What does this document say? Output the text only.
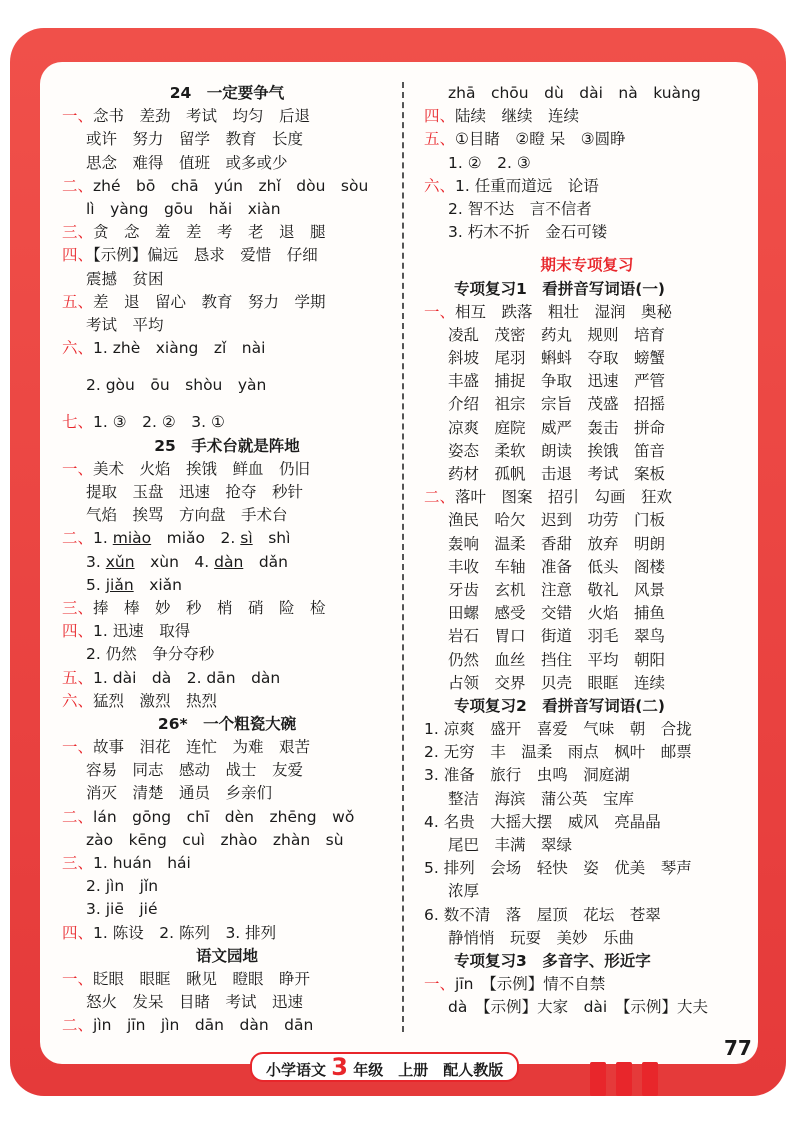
24　一定要争气
一、念书　差劲　考试　均匀　后退
或许　努力　留学　教育　长度
思念　难得　值班　或多或少
二、zhé　bō　chā　yún　zhǐ　dòu　sòu
lì　yàng　gōu　hǎi　xiàn
三、贪　念　羞　差　考　老　退　腿
四、【示例】偏远　恳求　爱惜　仔细
震撼　贫困
五、差　退　留心　教育　努力　学期
考试　平均
六、1. zhè　xiàng　zǐ　nài
2. gòu　ōu　shòu　yàn
七、1. ③　2. ②　3. ①
25　手术台就是阵地
一、美术　火焰　挨饿　鲜血　仍旧
提取　玉盘　迅速　抢夺　秒针
气焰　挨骂　方向盘　手术台
二、1. miào　 miǎo　2. sì　 shì
3. xǔn　 xùn　4. dàn　 dǎn
5. jiǎn　 xiǎn
三、捧　棒　妙　秒　梢　硝　险　检
四、1. 迅速　取得
2. 仍然　争分夺秒
五、1. dài　dà　2. dān　dàn
六、猛烈　激烈　热烈
26*　一个粗瓷大碗
一、故事　泪花　连忙　为难　艰苦
容易　同志　感动　战士　友爱
消灭　清楚　通员　乡亲们
二、lán　gōng　chī　dèn　zhēng　wǒ
zào　kēng　cuì　zhào　zhàn　sù
三、1. huán　hái
2. jìn　jǐn
3. jiē　jié
四、1. 陈设　2. 陈列　3. 排列
语文园地
一、眨眼　眼眶　瞅见　瞪眼　睁开
怒火　发呆　目睹　考试　迅速
二、jìn　jīn　jìn　dān　dàn　dān
zhā　chōu　dù　dài　nà　kuàng
四、陆续　继续　连续
五、①目睹　②瞪 呆　③圆睁
1. ②　2. ③
六、1. 任重而道远　论语
2. 智不达　言不信者
3. 朽木不折　金石可镂
期末专项复习
专项复习1　看拼音写词语(一)
一、相互　跌落　粗壮　湿润　奥秘
凌乱　茂密　药丸　规则　培育
斜坡　尾羽　蝌蚪　夺取　螃蟹
丰盛　捕捉　争取　迅速　严管
介绍　祖宗　宗旨　茂盛　招摇
凉爽　庭院　威严　轰击　拼命
姿态　柔软　朗读　挨饿　笛音
药材　孤帆　击退　考试　案板
二、落叶　图案　招引　勾画　狂欢
渔民　哈欠　迟到　功劳　门板
轰响　温柔　香甜　放弃　明朗
丰收　车轴　准备　低头　阁楼
牙齿　玄机　注意　敬礼　风景
田螺　感受　交错　火焰　捕鱼
岩石　胃口　街道　羽毛　翠鸟
仍然　血丝　挡住　平均　朝阳
占领　交界　贝壳　眼眶　连续
专项复习2　看拼音写词语(二)
1. 凉爽　盛开　喜爱　气味　朝　合拢
2. 无穷　丰　温柔　雨点　枫叶　邮票
3. 准备　旅行　虫鸣　洞庭湖
整洁　海滨　蒲公英　宝库
4. 名贵　大摇大摆　威风　亮晶晶
尾巴　丰满　翠绿
5. 排列　会场　轻快　姿　优美　琴声
浓厚
6. 数不清　落　屋顶　花坛　苍翠
静悄悄　玩耍　美妙　乐曲
专项复习3　多音字、形近字
一、jīn　【示例】情不自禁
dà　【示例】大家　dài　【示例】大夫
小学语文 3 年级　上册　配人教版
77
